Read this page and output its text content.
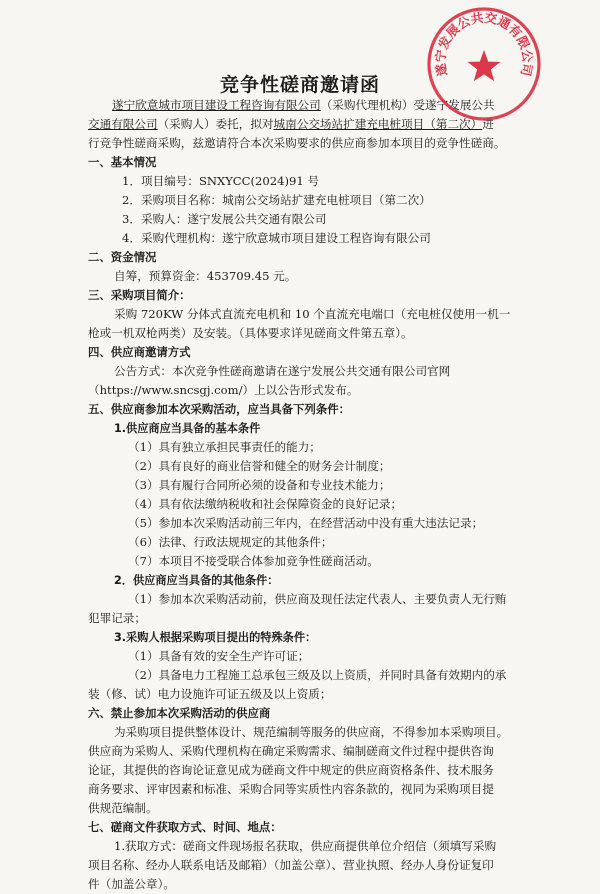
竞争性磋商邀请函

遂宁欣意城市项目建设工程咨询有限公司（采购代理机构）受遂宁发展公共

交通有限公司（采购人）委托，拟对城南公交场站扩建充电桩项目（第二次）进

行竞争性磋商采购，兹邀请符合本次采购要求的供应商参加本项目的竞争性磋商。

一、基本情况

1．项目编号：SNXYCC(2024)91 号

2．采购项目名称：城南公交场站扩建充电桩项目（第二次）

3．采购人：遂宁发展公共交通有限公司

4．采购代理机构：遂宁欣意城市项目建设工程咨询有限公司

二、资金情况

自筹，预算资金：453709.45 元。

三、采购项目简介：

采购 720KW 分体式直流充电机和 10 个直流充电端口（充电桩仅使用一机一

枪或一机双枪两类）及安装。（具体要求详见磋商文件第五章）。

四、供应商邀请方式

公告方式：本次竞争性磋商邀请在遂宁发展公共交通有限公司官网

（https://www.sncsgj.com/）上以公告形式发布。

五、供应商参加本次采购活动，应当具备下列条件：

1.供应商应当具备的基本条件

（1）具有独立承担民事责任的能力；

（2）具有良好的商业信誉和健全的财务会计制度；

（3）具有履行合同所必须的设备和专业技术能力；

（4）具有依法缴纳税收和社会保障资金的良好记录；

（5）参加本次采购活动前三年内，在经营活动中没有重大违法记录；

（6）法律、行政法规规定的其他条件；

（7）本项目不接受联合体参加竞争性磋商活动。

2．供应商应当具备的其他条件：

（1）参加本次采购活动前，供应商及现任法定代表人、主要负责人无行贿

犯罪记录；

3.采购人根据采购项目提出的特殊条件：

（1）具备有效的安全生产许可证；

（2）具备电力工程施工总承包三级及以上资质，并同时具备有效期内的承

装（修、试）电力设施许可证五级及以上资质；

六、禁止参加本次采购活动的供应商

为采购项目提供整体设计、规范编制等服务的供应商，不得参加本采购项目。

供应商为采购人、采购代理机构在确定采购需求、编制磋商文件过程中提供咨询

论证，其提供的咨询论证意见成为磋商文件中规定的供应商资格条件、技术服务

商务要求、评审因素和标准、采购合同等实质性内容条款的，视同为采购项目提

供规范编制。

七、磋商文件获取方式、时间、地点：

1.获取方式：磋商文件现场报名获取，供应商提供单位介绍信（须填写采购

项目名称、经办人联系电话及邮箱）（加盖公章）、营业执照、经办人身份证复印

件（加盖公章）。

遂宁发展公共交通有限公司
